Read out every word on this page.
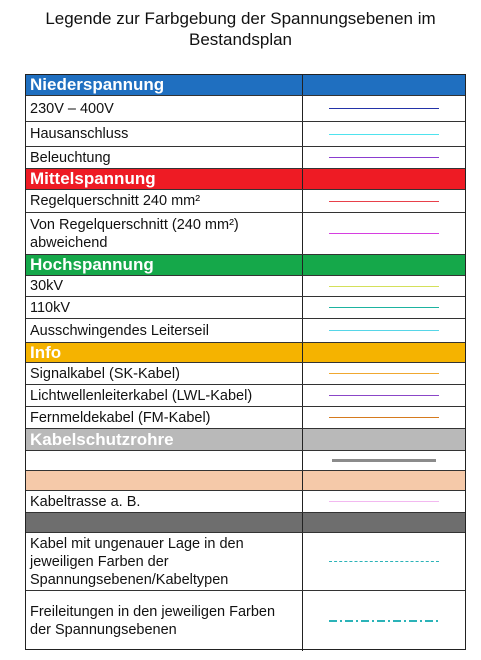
Legende zur Farbgebung der Spannungsebenen im Bestandsplan
Niederspannung
230V – 400V
Hausanschluss
Beleuchtung
Mittelspannung
Regelquerschnitt 240 mm²
Von Regelquerschnitt (240 mm²) abweichend
Hochspannung
30kV
110kV
Ausschwingendes Leiterseil
Info
Signalkabel (SK-Kabel)
Lichtwellenleiterkabel (LWL-Kabel)
Fernmeldekabel (FM-Kabel)
Kabelschutzrohre
Kabeltrasse a. B.
Kabel mit ungenauer Lage in den jeweiligen Farben der Spannungsebenen/Kabeltypen
Freileitungen in den jeweiligen Farben der Spannungsebenen
